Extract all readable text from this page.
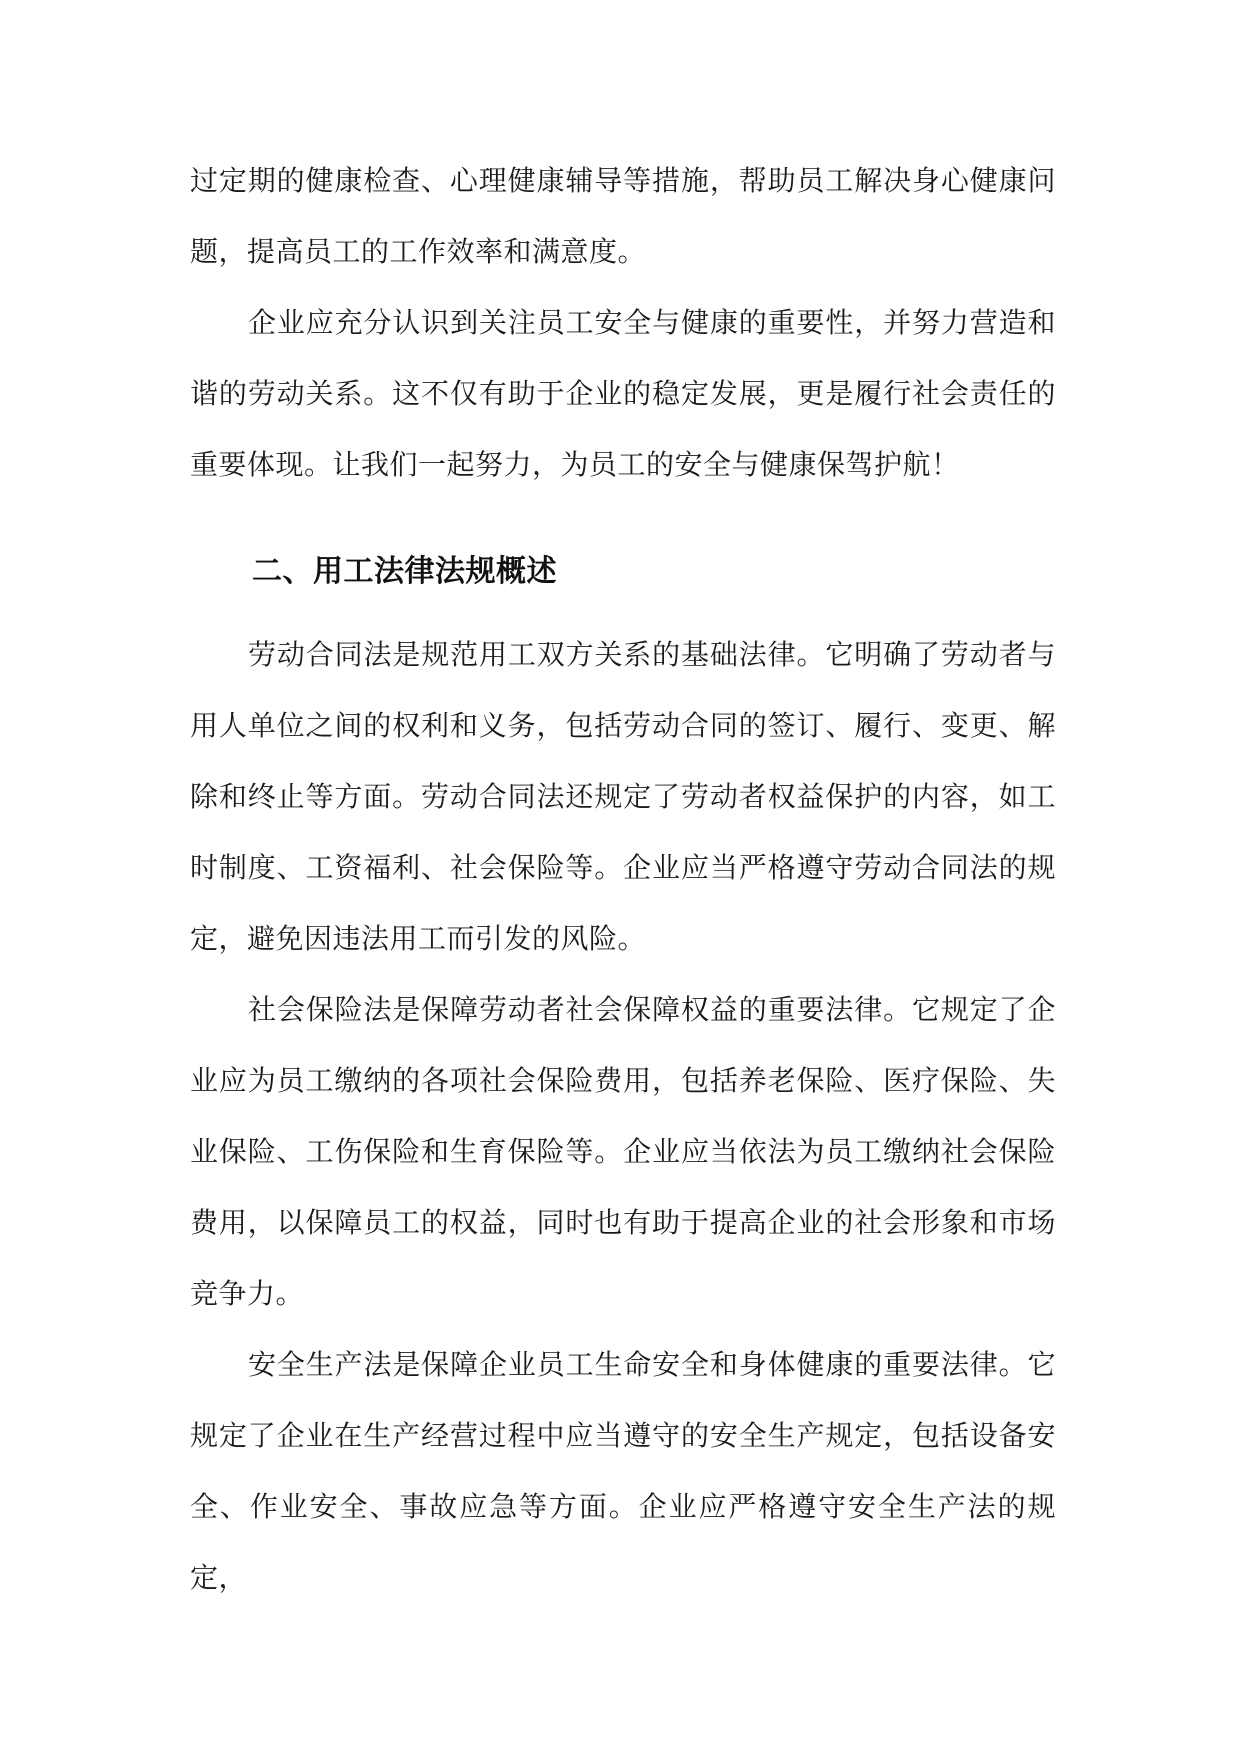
过定期的健康检查、心理健康辅导等措施，帮助员工解决身心健康问题，提高员工的工作效率和满意度。

企业应充分认识到关注员工安全与健康的重要性，并努力营造和谐的劳动关系。这不仅有助于企业的稳定发展，更是履行社会责任的重要体现。让我们一起努力，为员工的安全与健康保驾护航！

二、用工法律法规概述

劳动合同法是规范用工双方关系的基础法律。它明确了劳动者与用人单位之间的权利和义务，包括劳动合同的签订、履行、变更、解除和终止等方面。劳动合同法还规定了劳动者权益保护的内容，如工时制度、工资福利、社会保险等。企业应当严格遵守劳动合同法的规定，避免因违法用工而引发的风险。

社会保险法是保障劳动者社会保障权益的重要法律。它规定了企业应为员工缴纳的各项社会保险费用，包括养老保险、医疗保险、失业保险、工伤保险和生育保险等。企业应当依法为员工缴纳社会保险费用，以保障员工的权益，同时也有助于提高企业的社会形象和市场竞争力。

安全生产法是保障企业员工生命安全和身体健康的重要法律。它规定了企业在生产经营过程中应当遵守的安全生产规定，包括设备安全、作业安全、事故应急等方面。企业应严格遵守安全生产法的规定，
